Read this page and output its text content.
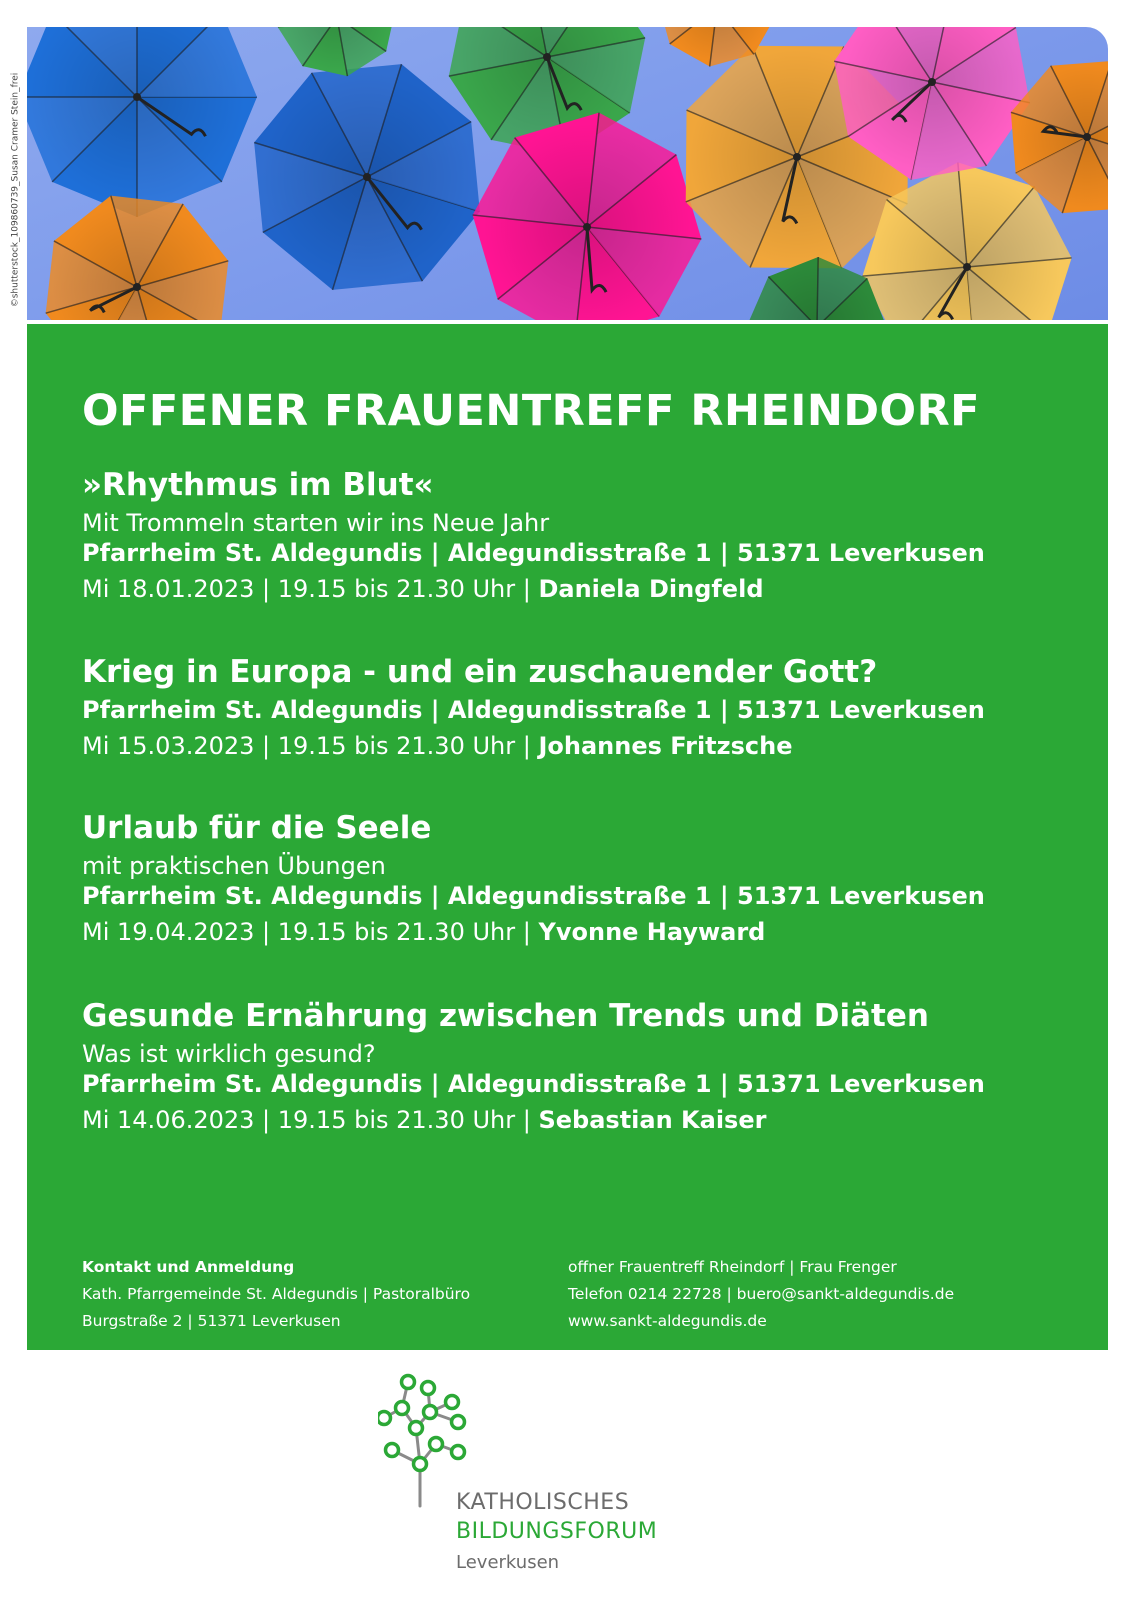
©shutterstock_109860739_Susan Cramer Stein_frei
OFFENER FRAUENTREFF RHEINDORF

»Rhythmus im Blut«

Mit Trommeln starten wir ins Neue Jahr

Pfarrheim St. Aldegundis | Aldegundisstraße 1 | 51371 Leverkusen

Mi 18.01.2023 | 19.15 bis 21.30 Uhr | Daniela Dingfeld

Krieg in Europa - und ein zuschauender Gott?

Pfarrheim St. Aldegundis | Aldegundisstraße 1 | 51371 Leverkusen

Mi 15.03.2023 | 19.15 bis 21.30 Uhr | Johannes Fritzsche

Urlaub für die Seele

mit praktischen Übungen

Pfarrheim St. Aldegundis | Aldegundisstraße 1 | 51371 Leverkusen

Mi 19.04.2023 | 19.15 bis 21.30 Uhr | Yvonne Hayward

Gesunde Ernährung zwischen Trends und Diäten

Was ist wirklich gesund?

Pfarrheim St. Aldegundis | Aldegundisstraße 1 | 51371 Leverkusen

Mi 14.06.2023 | 19.15 bis 21.30 Uhr | Sebastian Kaiser

Kontakt und Anmeldung
Kath. Pfarrgemeinde St. Aldegundis | Pastoralbüro
Burgstraße 2 | 51371 Leverkusen
offner Frauentreff Rheindorf | Frau Frenger
Telefon 0214 22728 | buero@sankt-aldegundis.de
www.sankt-aldegundis.de
KATHOLISCHES
BILDUNGSFORUM
Leverkusen
